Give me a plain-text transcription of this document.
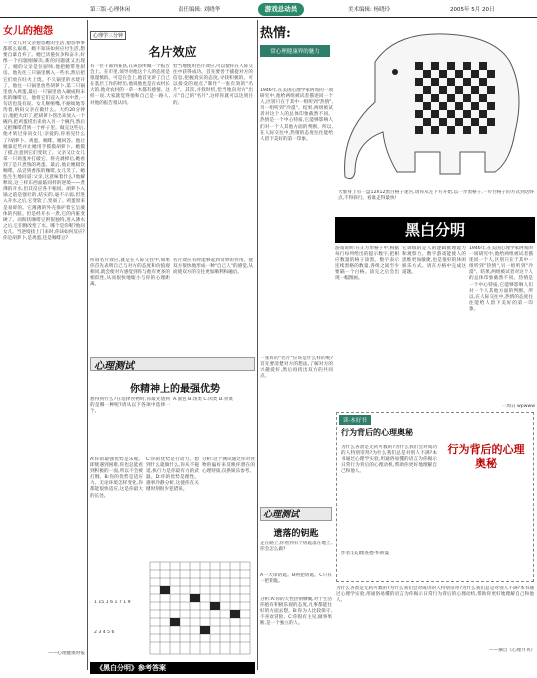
第三版·心理休闲	责任编辑: 刘晓华	美术编辑: 杨晓玲	2005年 5月 20日
游戏总动员
女儿的抱怨
一个女儿对父亲抱怨她的生活,抱怨事事都那么艰难。她不知该如何应付生活,想要自暴自弃了。她已厌倦抗争和奋斗,好像一个问题刚解决,新的问题就又出现了。她的父亲是位厨师,他把她带进厨房。他先往三只锅里倒入一些水,然后把它们放在旺火上烧。不久锅里的水烧开了。他往一只锅里放些胡萝卜,第二只锅里放入鸡蛋,最后一只锅里放入碾成粉末状的咖啡豆。他将它们浸入开水中煮,一句话也没有说。女儿咂咂嘴,不耐烦地等待着,纳闷父亲在做什么。大约20分钟后,他把火闭了,把胡萝卜捞出来放入一个碗内,把鸡蛋捞出来放入另一个碗内,然后又把咖啡舀到一个杯子里。做完这些后,他才转过身问女儿:亲爱的,你看见什么了?胡萝卜、鸡蛋、咖啡。她回答。他让她靠近些并让她用手摸摸胡萝卜。她摸了摸,注意到它们变软了。父亲又让女儿拿一只鸡蛋并打破它。将壳剥掉后,她看到了是只煮熟的鸡蛋。最后,他让她啜饮咖啡。品尝到香浓的咖啡,女儿笑了。她怯生生地问道:父亲,这意味着什么?他解释说,这三样东西面临同样的逆境——煮沸的开水,但其反应各不相同。胡萝卜入锅之前是强壮的,结实的,毫不示弱,但进入开水之后,它变软了,变弱了。鸡蛋原来是易碎的。它薄薄的外壳保护着它呈液体的内脏。但是经开水一煮,它的内脏变硬了。而粉状咖啡豆则很独特,进入沸水之后,它们倒改变了水。哪个是你呢?他问女儿。当逆境找上门来时,你该如何反应?你是胡萝卜,是鸡蛋,还是咖啡豆?
——心理健康时报
心理学三分钟
名片效应
有一位干部到某县,在该县所做一个报告会上。在市里,领导对他这个人的态度是很谨慎的。可是在会上,他首先讲了自己在基层工作的经历,他说他也是在农村长大的,他对农村的一草一木都有感情。这样一说,大家就觉得他和自己是一路人,对他的报告很认同。
恰当地使用名片效应,可以使你在人际交往中获得成功。首先要善于捕捉对方的信息,把握真实的态度,寻找积极的、可以接受的观点,"制作"一张有效的"名片"。其次,寻找时机,恰当地向对方"出示"自己的"名片",这样你就可以达到目的。
所谓名片效应,就是在人际交往中,如果你首先表明自己与对方的态度和价值观相同,就会使对方感觉到你与他有更多的相似性,从而很快地缩小与你的心理距离。
名片效应有时能够起到奇妙的作用。使双方很快地形成一种"自己人"的感觉,从而使双方的交往更加顺利和融洽。
心理测试
你精神上的最强优势
想得到什么?在选择食物时,你最先想到的是哪一种呢?请从以下各项中选择一个。
A.面包 B.汤类 C.肉类 D.青菜
A:你的最强优势是乐观。即使遇到困难,你也总能看到积极的一面,所以不会被打倒。B:你的优势是适应力。无论环境怎样变化,你都能很快适应,这是你最大的长处。
C:你的优势是行动力。想到什么就做什么,你从不拖延,执行力是你最有力的武器。D:你的优势是理性。遇事冷静分析,这使你在关键时刻很少犯错误。
分析:这个测试通过你对食物的偏好来反映你潜在的心理特质,仅供娱乐参考。
1 15 1 6 1 7 1 9
2 3 4 5 6
《黑白分明》参考答案
热情:
常心理健康界的魅力
1946年,在美国心理学家阿希的一项研究中,他给两组被试者描述同一个人,区别只在于其中一组听到"热情",另一组听到"冷漠"。结果,两组被试者对这个人的总体印象截然不同。热情是一个中心特质,它能够影响人们对一个人其他方面的判断。所以,在人际交往中,热情的态度往往能给人留下美好的第一印象。
大象身上有一盘12X12黑白格子迷宫,请你从左下方开始,以一步黑格子,一步白格子的方式到达终点,不得斜行。看谁走得最快!
黑白分明
游戏说明:在正方形格子中,根据每行每列给出的提示数字,把相应数量的格子涂黑。数字表示连续黑格的数量,各组之间至少要隔一个白格。涂完之后会出现一幅图画。
它训练的是人的逻辑推理能力和观察力。数字游戏能使人的思维更加敏捷,也是很好的休闲娱乐方式。请在方格中完成这道题。
1946年,在美国心理学家阿希的一项研究中,他给两组被试者描述同一个人,区别只在于其中一组听到"热情",另一组听到"冷漠"。结果,两组被试者对这个人的总体印象截然不同。热情是一个中心特质,它能够影响人们对一个人其他方面的判断。所以,在人际交往中,热情的态度往往能给人留下美好的第一印象。
一张好的"名片"应该是什么样的呢?首先要清楚对方的想法,了解对方的兴趣爱好,然后再找出双方的共同点。
一周日 wpwww
读·本好书
行为背后的心理奥秘
为什么吝啬是无药可救的?为什么我们会对成功的人特别崇拜?为什么我们总是对别人不满?本书通过心理学实验,用通俗易懂的语言为你揭示日常行为背后的心理动机,帮助你更好地理解自己和他人。
行为背后的心理奥秘
作者:[美]理查德·怀斯曼
为什么吝啬是无药可救的?为什么我们会对成功的人特别崇拜?为什么我们总是对别人不满?本书通过心理学实验,用通俗易懂的语言为你揭示日常行为背后的心理动机,帮助你更好地理解自己和他人。
——摘自《心理月刊》
心理测试
遗落的钥匙
走在路上,你看到有个钥匙落在地上,你会怎么做?
A一大串钥匙。B两把钥匙。C只有一把钥匙。
分析:A:你的天性热情慷慨,对于生活你抱有积极乐观的态度,凡事都能往好的方面去想。B:你为人比较保守,不喜欢冒险。C:你很有主见,做事果断,是一个独立的人。
